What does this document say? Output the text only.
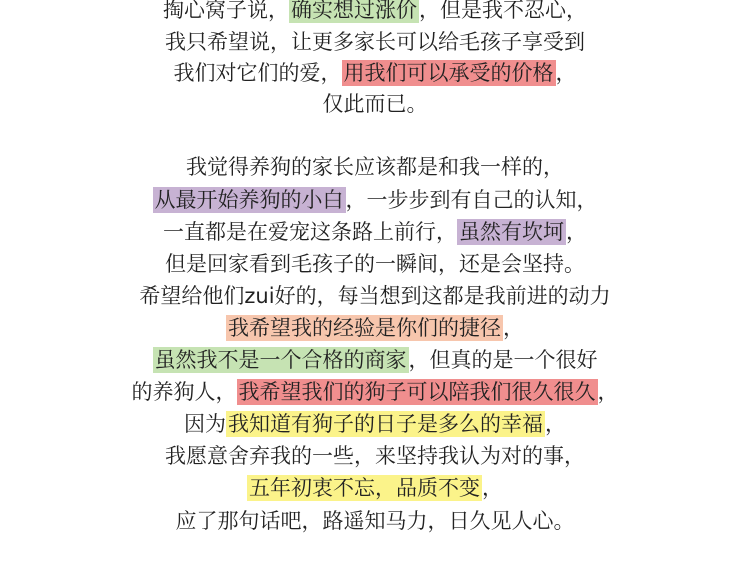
掏心窝子说，确实想过涨价，但是我不忍心，
我只希望说，让更多家长可以给毛孩子享受到
我们对它们的爱，用我们可以承受的价格，
仅此而已。
我觉得养狗的家长应该都是和我一样的，
从最开始养狗的小白，一步步到有自己的认知，
一直都是在爱宠这条路上前行，虽然有坎坷，
但是回家看到毛孩子的一瞬间，还是会坚持。
希望给他们zui好的，每当想到这都是我前进的动力
我希望我的经验是你们的捷径，
虽然我不是一个合格的商家，但真的是一个很好
的养狗人，我希望我们的狗子可以陪我们很久很久，
因为我知道有狗子的日子是多么的幸福，
我愿意舍弃我的一些，来坚持我认为对的事，
五年初衷不忘，品质不变，
应了那句话吧，路遥知马力，日久见人心。
